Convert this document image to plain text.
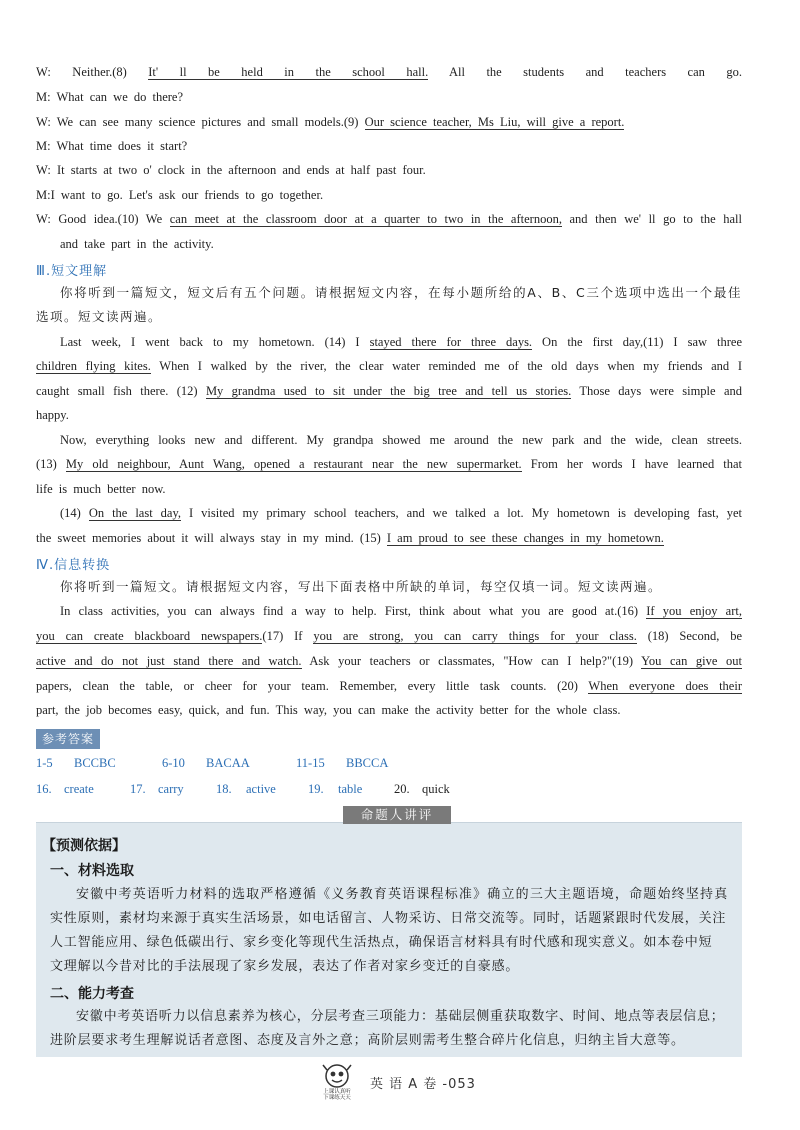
W: Neither.(8) It' ll be held in the school hall. All the students and teachers can go.
M: What can we do there?
W: We can see many science pictures and small models.(9) Our science teacher, Ms Liu, will give a report.
M: What time does it start?
W: It starts at two o' clock in the afternoon and ends at half past four.
M:I want to go. Let's ask our friends to go together.
W: Good idea.(10) We can meet at the classroom door at a quarter to two in the afternoon, and then we' ll go to the hall
and take part in the activity.
Ⅲ.短文理解
你将听到一篇短文，短文后有五个问题。请根据短文内容，在每小题所给的A、B、C三个选项中选出一个最佳
选项。短文读两遍。
Last week, I went back to my hometown. (14) I stayed there for three days. On the first day,(11) I saw three
children flying kites. When I walked by the river, the clear water reminded me of the old days when my friends and I
caught small fish there. (12) My grandma used to sit under the big tree and tell us stories. Those days were simple and
happy.
Now, everything looks new and different. My grandpa showed me around the new park and the wide, clean streets.
(13) My old neighbour, Aunt Wang, opened a restaurant near the new supermarket. From her words I have learned that
life is much better now.
(14) On the last day, I visited my primary school teachers, and we talked a lot. My hometown is developing fast, yet
the sweet memories about it will always stay in my mind. (15) I am proud to see these changes in my hometown.
Ⅳ.信息转换
你将听到一篇短文。请根据短文内容，写出下面表格中所缺的单词，每空仅填一词。短文读两遍。
In class activities, you can always find a way to help. First, think about what you are good at.(16) If you enjoy art,
you can create blackboard newspapers.(17) If you are strong, you can carry things for your class. (18) Second, be
active and do not just stand there and watch. Ask your teachers or classmates, "How can I help?"(19) You can give out
papers, clean the table, or cheer for your team. Remember, every little task counts. (20) When everyone does their
part, the job becomes easy, quick, and fun. This way, you can make the activity better for the whole class.
参考答案
1-5 BCCBC	6-10 BACAA	11-15 BBCCA
16. create	17. carry	18. active	19. table	20. quick
【预测依据】
一、材料选取
安徽中考英语听力材料的选取严格遵循《义务教育英语课程标准》确立的三大主题语境，命题始终坚持真
实性原则，素材均来源于真实生活场景，如电话留言、人物采访、日常交流等。同时，话题紧跟时代发展，关注
人工智能应用、绿色低碳出行、家乡变化等现代生活热点，确保语言材料具有时代感和现实意义。如本卷中短
文理解以今昔对比的手法展现了家乡发展，表达了作者对家乡变迁的自豪感。
二、能力考查
安徽中考英语听力以信息素养为核心，分层考查三项能力：基础层侧重获取数字、时间、地点等表层信息；
进阶层要求考生理解说话者意图、态度及言外之意；高阶层则需考生整合碎片化信息，归纳主旨大意等。
命题人讲评
上课认真听
下课练天天
英 语 A 卷 -053
